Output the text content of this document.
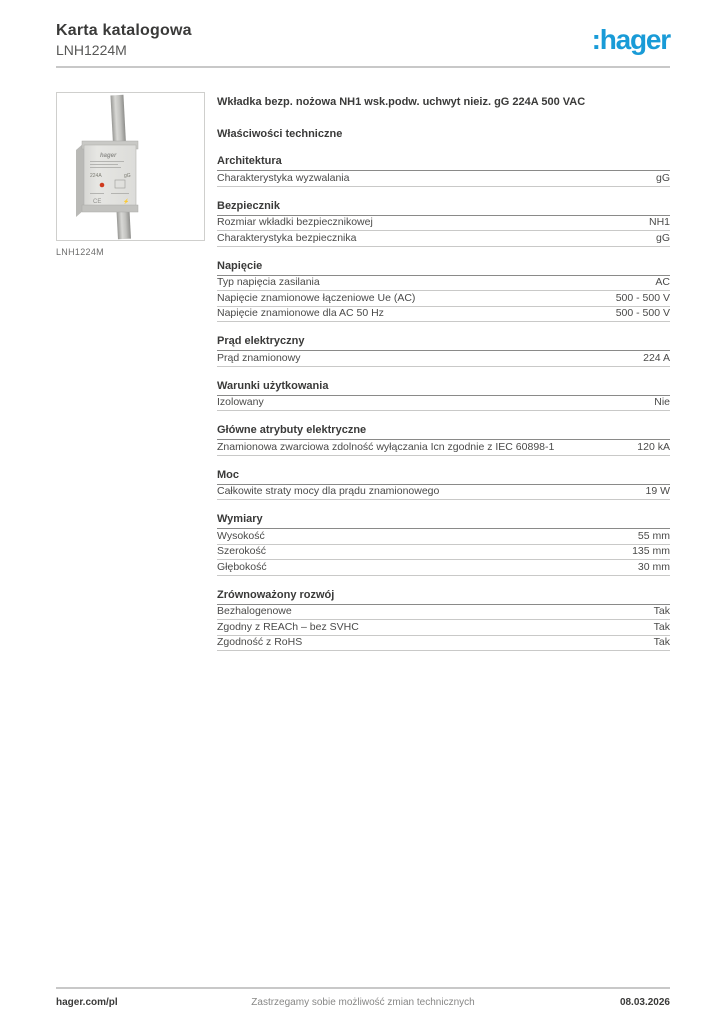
Karta katalogowa
LNH1224M	:hager
hager
224A	gG
CE	⚡
LNH1224M
Wkładka bezp. nożowa NH1 wsk.podw. uchwyt nieiz. gG 224A 500 VAC
Właściwości techniczne
Architektura
Charakterystyka wyzwalania	gG
Bezpiecznik
Rozmiar wkładki bezpiecznikowej	NH1
Charakterystyka bezpiecznika	gG
Napięcie
Typ napięcia zasilania	AC
Napięcie znamionowe łączeniowe Ue (AC)	500 - 500 V
Napięcie znamionowe dla AC 50 Hz	500 - 500 V
Prąd elektryczny
Prąd znamionowy	224 A
Warunki użytkowania
Izolowany	Nie
Główne atrybuty elektryczne
Znamionowa zwarciowa zdolność wyłączania Icn zgodnie z IEC 60898-1	120 kA
Moc
Całkowite straty mocy dla prądu znamionowego	19 W
Wymiary
Wysokość	55 mm
Szerokość	135 mm
Głębokość	30 mm
Zrównoważony rozwój
Bezhalogenowe	Tak
Zgodny z REACh – bez SVHC	Tak
Zgodność z RoHS	Tak
hager.com/pl	Zastrzegamy sobie możliwość zmian technicznych	08.03.2026
